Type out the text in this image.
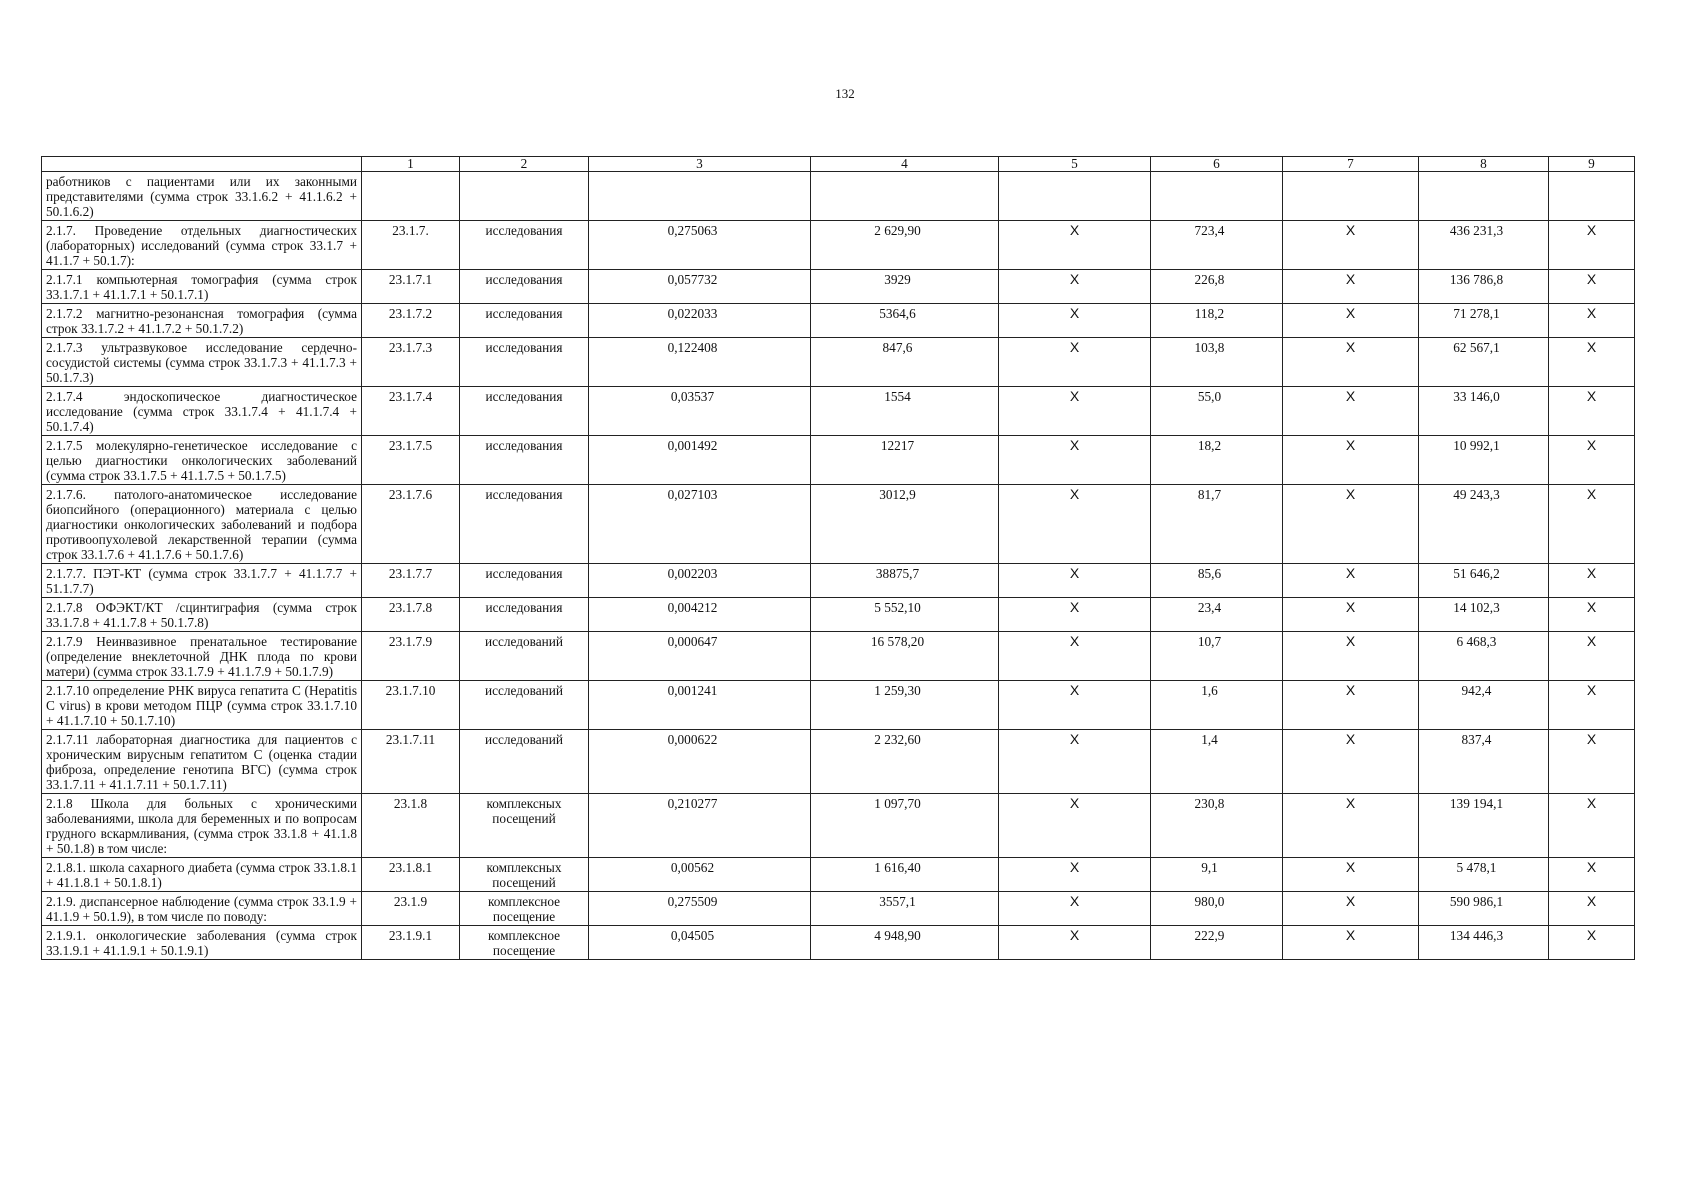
132
	1	2	3	4	5	6	7	8	9
работников с пациентами или их законными представителями (сумма строк 33.1.6.2 + 41.1.6.2 + 50.1.6.2)									
2.1.7. Проведение отдельных диагностических (лабораторных) исследований (сумма строк 33.1.7 + 41.1.7 + 50.1.7):	23.1.7.	исследования	0,275063	2 629,90	X	723,4	X	436 231,3	X
2.1.7.1 компьютерная томография (сумма строк 33.1.7.1 + 41.1.7.1 + 50.1.7.1)	23.1.7.1	исследования	0,057732	3929	X	226,8	X	136 786,8	X
2.1.7.2 магнитно-резонансная томография (сумма строк 33.1.7.2 + 41.1.7.2 + 50.1.7.2)	23.1.7.2	исследования	0,022033	5364,6	X	118,2	X	71 278,1	X
2.1.7.3 ультразвуковое исследование сердечно-сосудистой системы (сумма строк 33.1.7.3 + 41.1.7.3 + 50.1.7.3)	23.1.7.3	исследования	0,122408	847,6	X	103,8	X	62 567,1	X
2.1.7.4 эндоскопическое диагностическое исследование (сумма строк 33.1.7.4 + 41.1.7.4 + 50.1.7.4)	23.1.7.4	исследования	0,03537	1554	X	55,0	X	33 146,0	X
2.1.7.5 молекулярно-генетическое исследование с целью диагностики онкологических заболеваний (сумма строк 33.1.7.5 + 41.1.7.5 + 50.1.7.5)	23.1.7.5	исследования	0,001492	12217	X	18,2	X	10 992,1	X
2.1.7.6. патолого-анатомическое исследование биопсийного (операционного) материала с целью диагностики онкологических заболеваний и подбора противоопухолевой лекарственной терапии (сумма строк 33.1.7.6 + 41.1.7.6 + 50.1.7.6)	23.1.7.6	исследования	0,027103	3012,9	X	81,7	X	49 243,3	X
2.1.7.7. ПЭТ-КТ (сумма строк 33.1.7.7 + 41.1.7.7 + 51.1.7.7)	23.1.7.7	исследования	0,002203	38875,7	X	85,6	X	51 646,2	X
2.1.7.8 ОФЭКТ/КТ /сцинтиграфия (сумма строк 33.1.7.8 + 41.1.7.8 + 50.1.7.8)	23.1.7.8	исследования	0,004212	5 552,10	X	23,4	X	14 102,3	X
2.1.7.9 Неинвазивное пренатальное тестирование (определение внеклеточной ДНК плода по крови матери) (сумма строк 33.1.7.9 + 41.1.7.9 + 50.1.7.9)	23.1.7.9	исследований	0,000647	16 578,20	X	10,7	X	6 468,3	X
2.1.7.10 определение РНК вируса гепатита С (Hepatitis C virus) в крови методом ПЦР (сумма строк 33.1.7.10 + 41.1.7.10 + 50.1.7.10)	23.1.7.10	исследований	0,001241	1 259,30	X	1,6	X	942,4	X
2.1.7.11 лабораторная диагностика для пациентов с хроническим вирусным гепатитом С (оценка стадии фиброза, определение генотипа ВГС) (сумма строк 33.1.7.11 + 41.1.7.11 + 50.1.7.11)	23.1.7.11	исследований	0,000622	2 232,60	X	1,4	X	837,4	X
2.1.8 Школа для больных с хроническими заболеваниями, школа для беременных и по вопросам грудного вскармливания, (сумма строк 33.1.8 + 41.1.8 + 50.1.8) в том числе:	23.1.8	комплексных посещений	0,210277	1 097,70	X	230,8	X	139 194,1	X
2.1.8.1. школа сахарного диабета (сумма строк 33.1.8.1 + 41.1.8.1 + 50.1.8.1)	23.1.8.1	комплексных посещений	0,00562	1 616,40	X	9,1	X	5 478,1	X
2.1.9. диспансерное наблюдение (сумма строк 33.1.9 + 41.1.9 + 50.1.9), в том числе по поводу:	23.1.9	комплексное посещение	0,275509	3557,1	X	980,0	X	590 986,1	X
2.1.9.1. онкологические заболевания (сумма строк 33.1.9.1 + 41.1.9.1 + 50.1.9.1)	23.1.9.1	комплексное посещение	0,04505	4 948,90	X	222,9	X	134 446,3	X
